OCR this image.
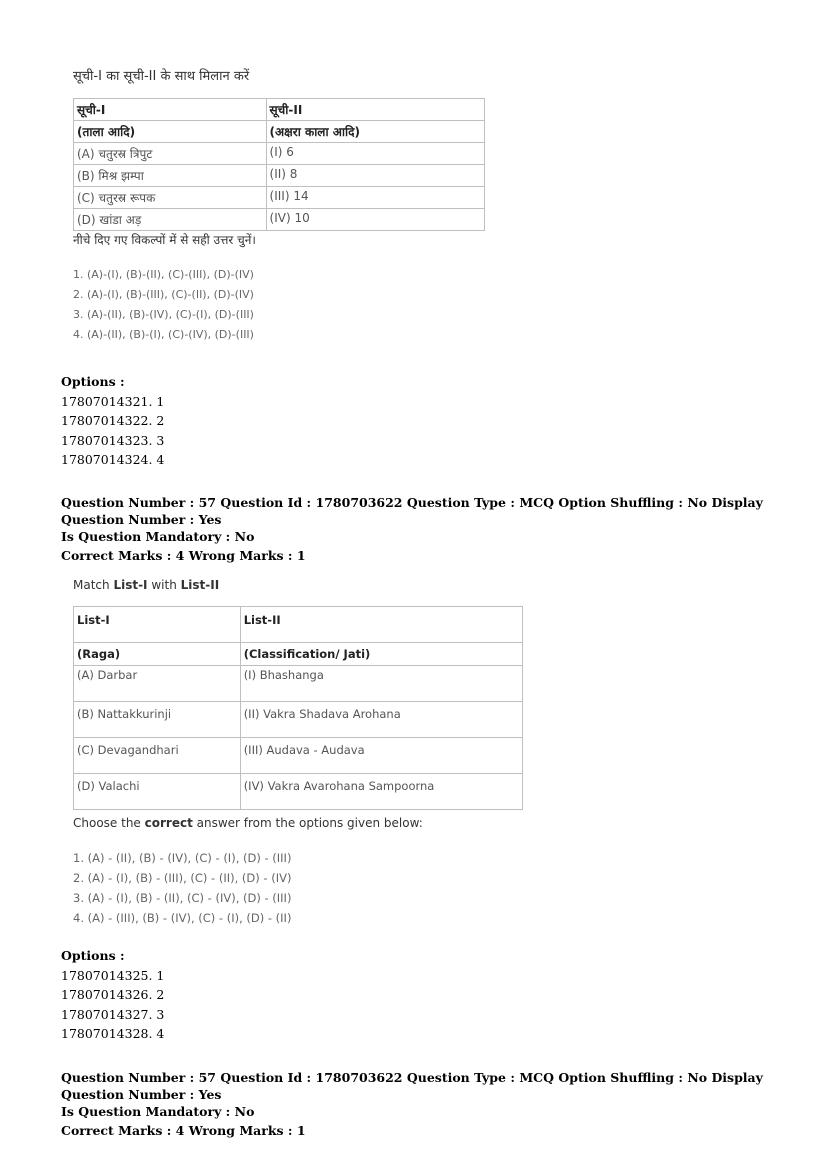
सूची-I का सूची-II के साथ मिलान करें
सूची-I	सूची-II
(ताला आदि)	(अक्षरा काला आदि)
(A) चतुरस्र त्रिपुट	(I) 6
(B) मिश्र झम्पा	(II) 8
(C) चतुरस्र रूपक	(III) 14
(D) खांडा अड़	(IV) 10
नीचे दिए गए विकल्पों में से सही उत्तर चुनें।
1. (A)-(I), (B)-(II), (C)-(III), (D)-(IV)
2. (A)-(I), (B)-(III), (C)-(II), (D)-(IV)
3. (A)-(II), (B)-(IV), (C)-(I), (D)-(III)
4. (A)-(II), (B)-(I), (C)-(IV), (D)-(III)
Options :
17807014321. 1
17807014322. 2
17807014323. 3
17807014324. 4
Question Number : 57 Question Id : 1780703622 Question Type : MCQ Option Shuffling : No Display Question Number : Yes
Is Question Mandatory : No
Correct Marks : 4 Wrong Marks : 1
Match List-I with List-II
List-I	List-II
(Raga)	(Classification/ Jati)
(A) Darbar	(I) Bhashanga
(B) Nattakkurinji	(II) Vakra Shadava Arohana
(C) Devagandhari	(III) Audava - Audava
(D) Valachi	(IV) Vakra Avarohana Sampoorna
Choose the correct answer from the options given below:
1. (A) - (II), (B) - (IV), (C) - (I), (D) - (III)
2. (A) - (I), (B) - (III), (C) - (II), (D) - (IV)
3. (A) - (I), (B) - (II), (C) - (IV), (D) - (III)
4. (A) - (III), (B) - (IV), (C) - (I), (D) - (II)
Options :
17807014325. 1
17807014326. 2
17807014327. 3
17807014328. 4
Question Number : 57 Question Id : 1780703622 Question Type : MCQ Option Shuffling : No Display Question Number : Yes
Is Question Mandatory : No
Correct Marks : 4 Wrong Marks : 1
